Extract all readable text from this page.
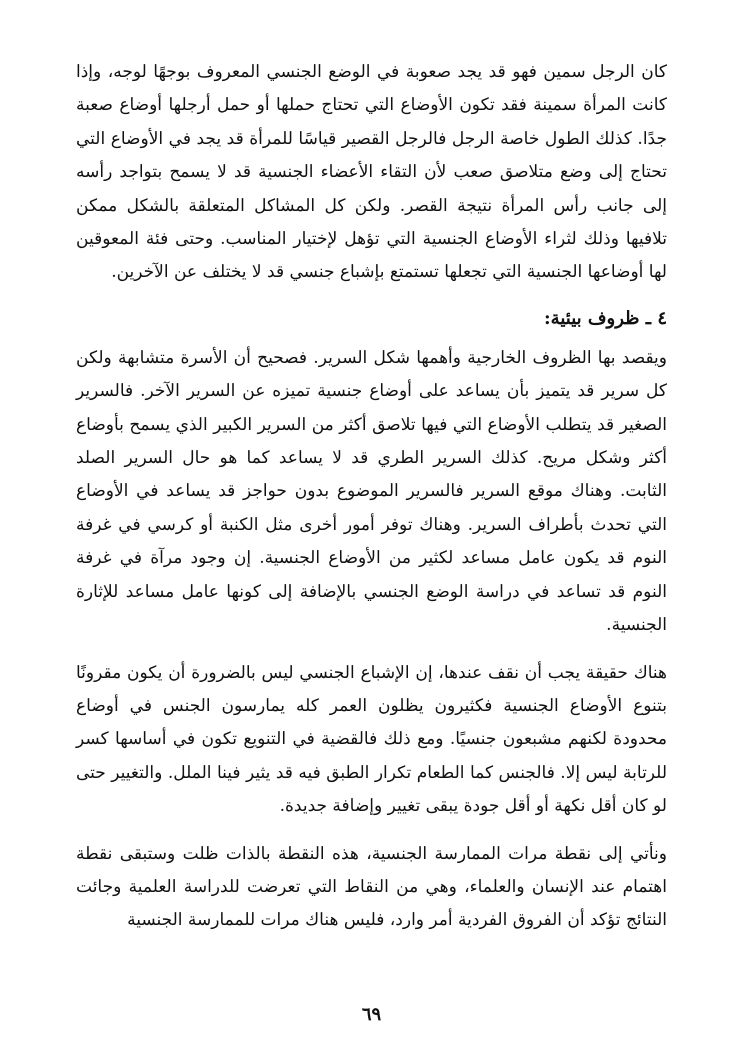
كان الرجل سمين فهو قد يجد صعوبة في الوضع الجنسي المعروف بوجهًا لوجه، وإذا كانت المرأة سمينة فقد تكون الأوضاع التي تحتاج حملها أو حمل أرجلها أوضاع صعبة جدًا. كذلك الطول خاصة الرجل فالرجل القصير قياسًا للمرأة قد يجد في الأوضاع التي تحتاج إلى وضع متلاصق صعب لأن التقاء الأعضاء الجنسية قد لا يسمح بتواجد رأسه إلى جانب رأس المرأة نتيجة القصر. ولكن كل المشاكل المتعلقة بالشكل ممكن تلافيها وذلك لثراء الأوضاع الجنسية التي تؤهل لإختيار المناسب. وحتى فئة المعوقين لها أوضاعها الجنسية التي تجعلها تستمتع بإشباع جنسي قد لا يختلف عن الآخرين.

٤ ـ ظروف بيئية:

ويقصد بها الظروف الخارجية وأهمها شكل السرير. فصحيح أن الأسرة متشابهة ولكن كل سرير قد يتميز بأن يساعد على أوضاع جنسية تميزه عن السرير الآخر. فالسرير الصغير قد يتطلب الأوضاع التي فيها تلاصق أكثر من السرير الكبير الذي يسمح بأوضاع أكثر وشكل مريح. كذلك السرير الطري قد لا يساعد كما هو حال السرير الصلد الثابت. وهناك موقع السرير فالسرير الموضوع بدون حواجز قد يساعد في الأوضاع التي تحدث بأطراف السرير. وهناك توفر أمور أخرى مثل الكنبة أو كرسي في غرفة النوم قد يكون عامل مساعد لكثير من الأوضاع الجنسية. إن وجود مرآة في غرفة النوم قد تساعد في دراسة الوضع الجنسي بالإضافة إلى كونها عامل مساعد للإثارة الجنسية.

هناك حقيقة يجب أن نقف عندها، إن الإشباع الجنسي ليس بالضرورة أن يكون مقرونًا بتنوع الأوضاع الجنسية فكثيرون يظلون العمر كله يمارسون الجنس في أوضاع محدودة لكنهم مشبعون جنسيًا. ومع ذلك فالقضية في التنويع تكون في أساسها كسر للرتابة ليس إلا. فالجنس كما الطعام تكرار الطبق فيه قد يثير فينا الملل. والتغيير حتى لو كان أقل نكهة أو أقل جودة يبقى تغيير وإضافة جديدة.

ونأتي إلى نقطة مرات الممارسة الجنسية، هذه النقطة بالذات ظلت وستبقى نقطة اهتمام عند الإنسان والعلماء، وهي من النقاط التي تعرضت للدراسة العلمية وجائت النتائج تؤكد أن الفروق الفردية أمر وارد، فليس هناك مرات للممارسة الجنسية

٦٩
